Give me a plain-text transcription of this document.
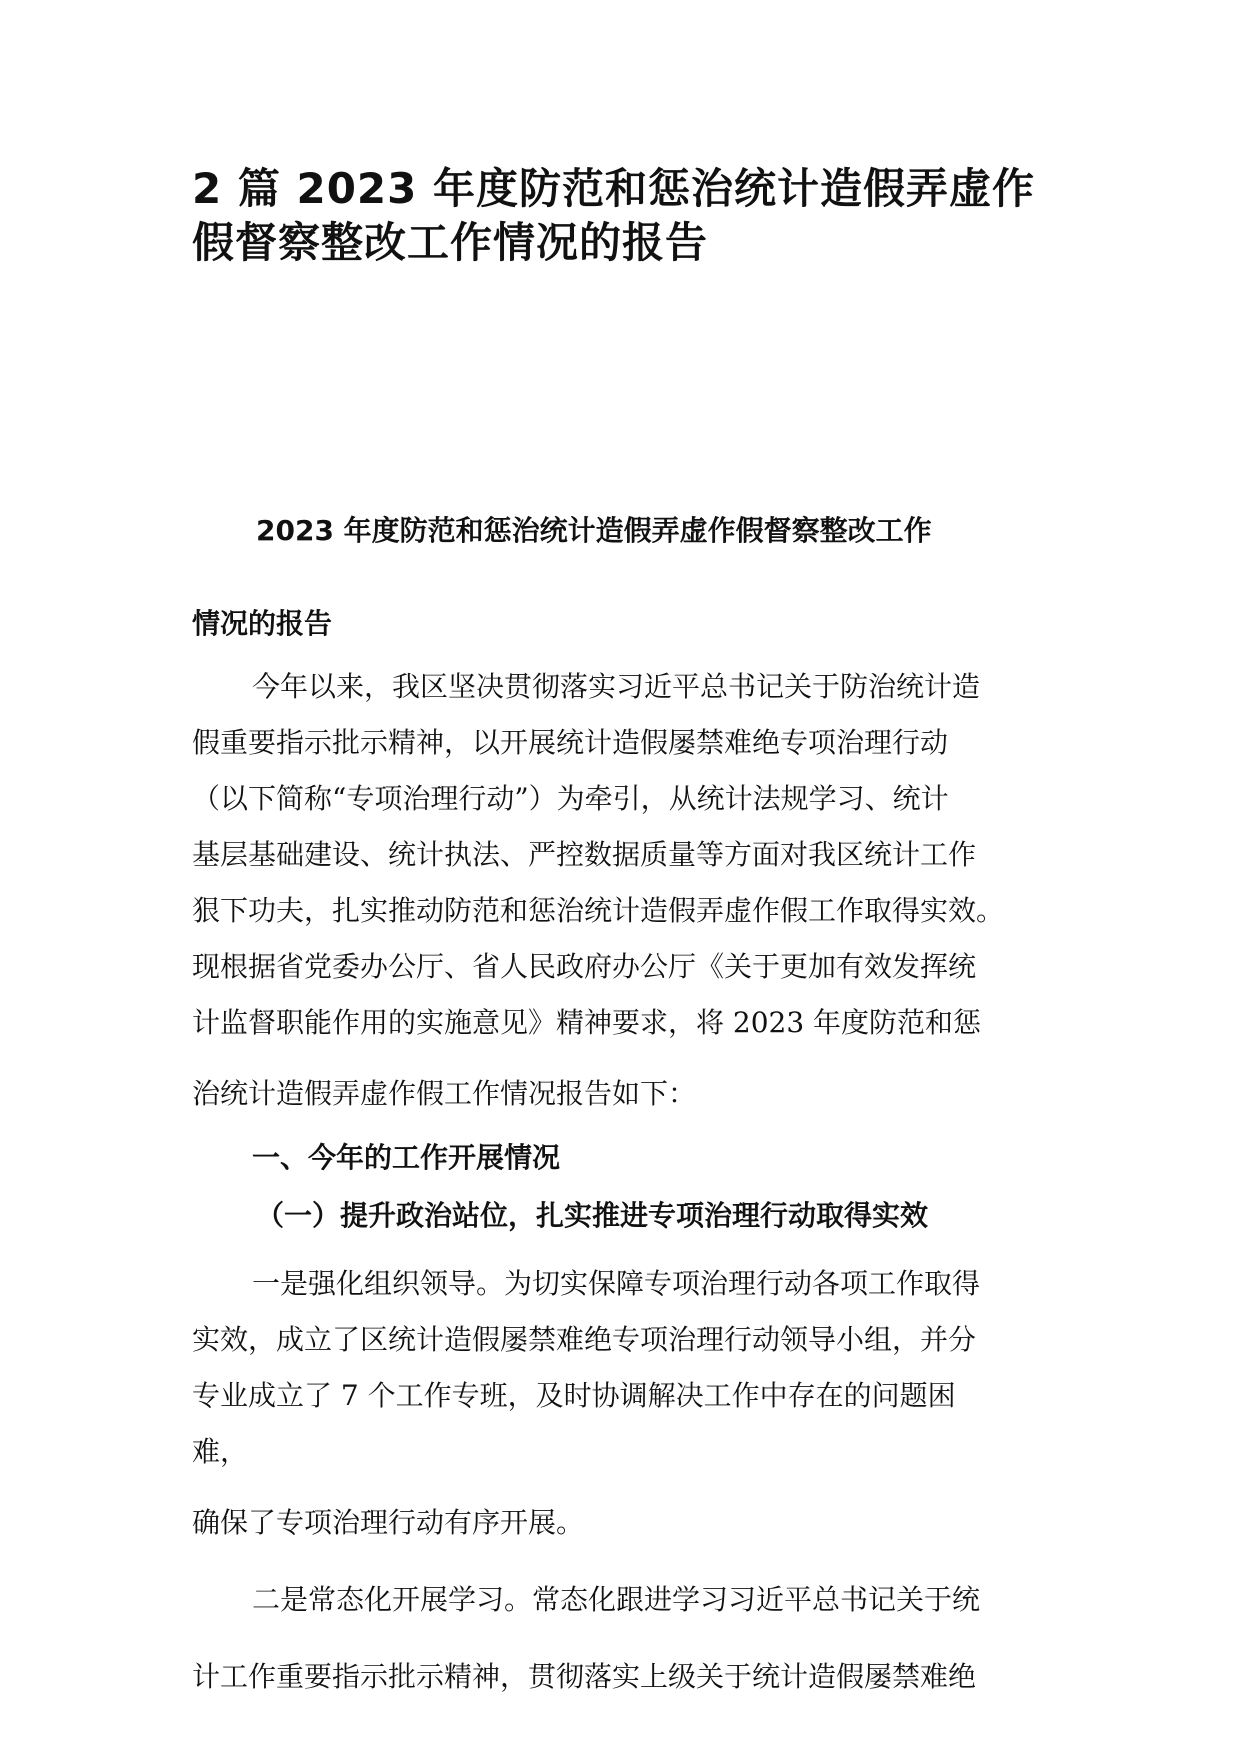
2 篇 2023 年度防范和惩治统计造假弄虚作
假督察整改工作情况的报告
2023 年度防范和惩治统计造假弄虚作假督察整改工作
情况的报告
今年以来，我区坚决贯彻落实习近平总书记关于防治统计造
假重要指示批示精神，以开展统计造假屡禁难绝专项治理行动
（以下简称“专项治理行动”）为牵引，从统计法规学习、统计
基层基础建设、统计执法、严控数据质量等方面对我区统计工作
狠下功夫，扎实推动防范和惩治统计造假弄虚作假工作取得实效。
现根据省党委办公厅、省人民政府办公厅《关于更加有效发挥统
计监督职能作用的实施意见》精神要求，将 2023 年度防范和惩
治统计造假弄虚作假工作情况报告如下：
一、今年的工作开展情况
（一）提升政治站位，扎实推进专项治理行动取得实效
一是强化组织领导。为切实保障专项治理行动各项工作取得
实效，成立了区统计造假屡禁难绝专项治理行动领导小组，并分
专业成立了 7 个工作专班，及时协调解决工作中存在的问题困
难，
确保了专项治理行动有序开展。
二是常态化开展学习。常态化跟进学习习近平总书记关于统
计工作重要指示批示精神，贯彻落实上级关于统计造假屡禁难绝
